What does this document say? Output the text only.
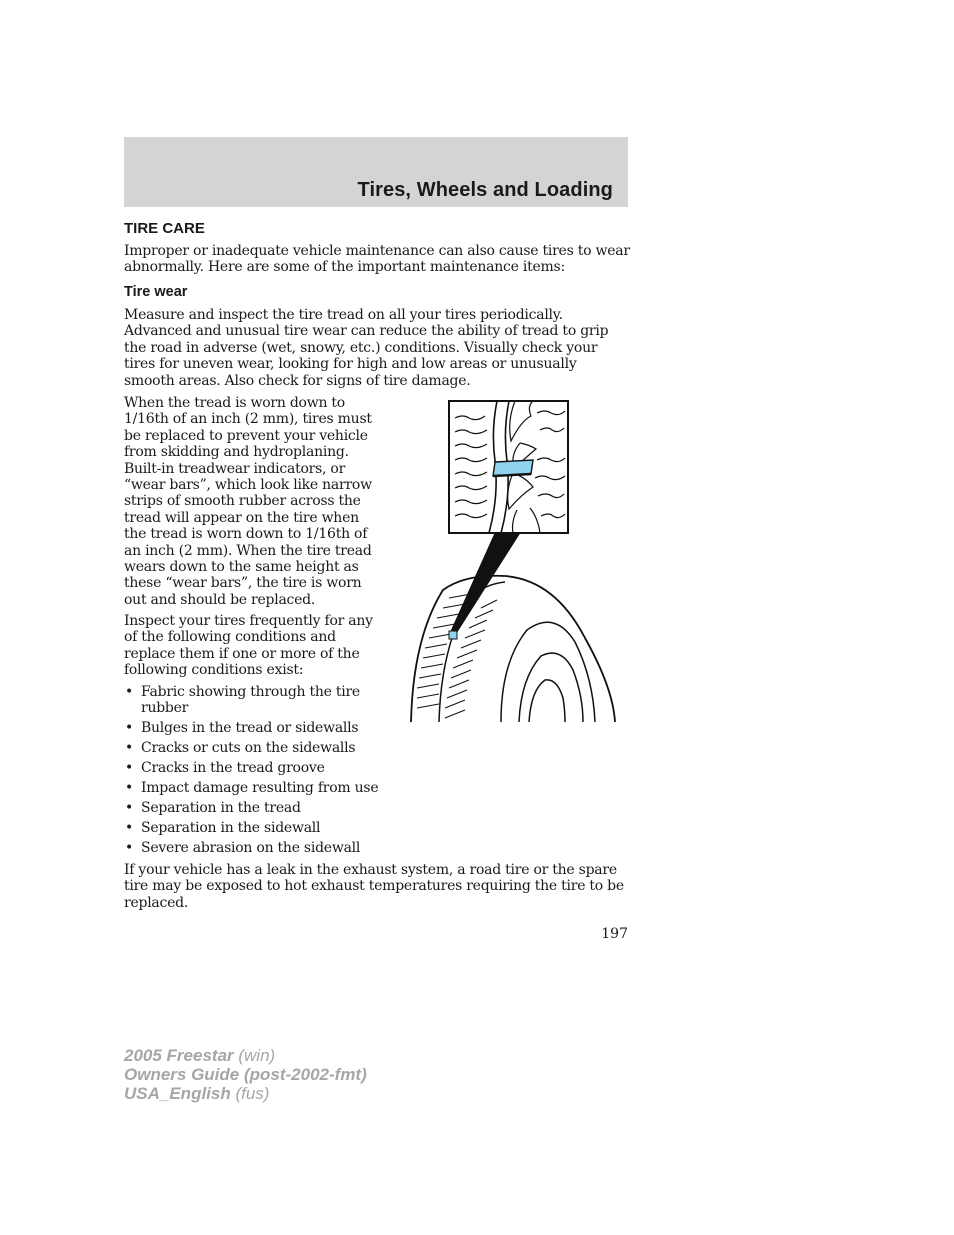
Tires, Wheels and Loading
TIRE CARE

Improper or inadequate vehicle maintenance can also cause tires to wear
abnormally. Here are some of the important maintenance items:

Tire wear

Measure and inspect the tire tread on all your tires periodically.
Advanced and unusual tire wear can reduce the ability of tread to grip
the road in adverse (wet, snowy, etc.) conditions. Visually check your
tires for uneven wear, looking for high and low areas or unusually
smooth areas. Also check for signs of tire damage.

When the tread is worn down to
1/16th of an inch (2 mm), tires must
be replaced to prevent your vehicle
from skidding and hydroplaning.
Built-in treadwear indicators, or
“wear bars”, which look like narrow
strips of smooth rubber across the
tread will appear on the tire when
the tread is worn down to 1/16th of
an inch (2 mm). When the tire tread
wears down to the same height as
these “wear bars”, the tire is worn
out and should be replaced.

Inspect your tires frequently for any
of the following conditions and
replace them if one or more of the
following conditions exist:

• Fabric showing through the tire
rubber
• Bulges in the tread or sidewalls
• Cracks or cuts on the sidewalls
• Cracks in the tread groove
• Impact damage resulting from use
• Separation in the tread
• Separation in the sidewall
• Severe abrasion on the sidewall

If your vehicle has a leak in the exhaust system, a road tire or the spare
tire may be exposed to hot exhaust temperatures requiring the tire to be
replaced.

197
2005 Freestar (win)
Owners Guide (post-2002-fmt)
USA_English (fus)
